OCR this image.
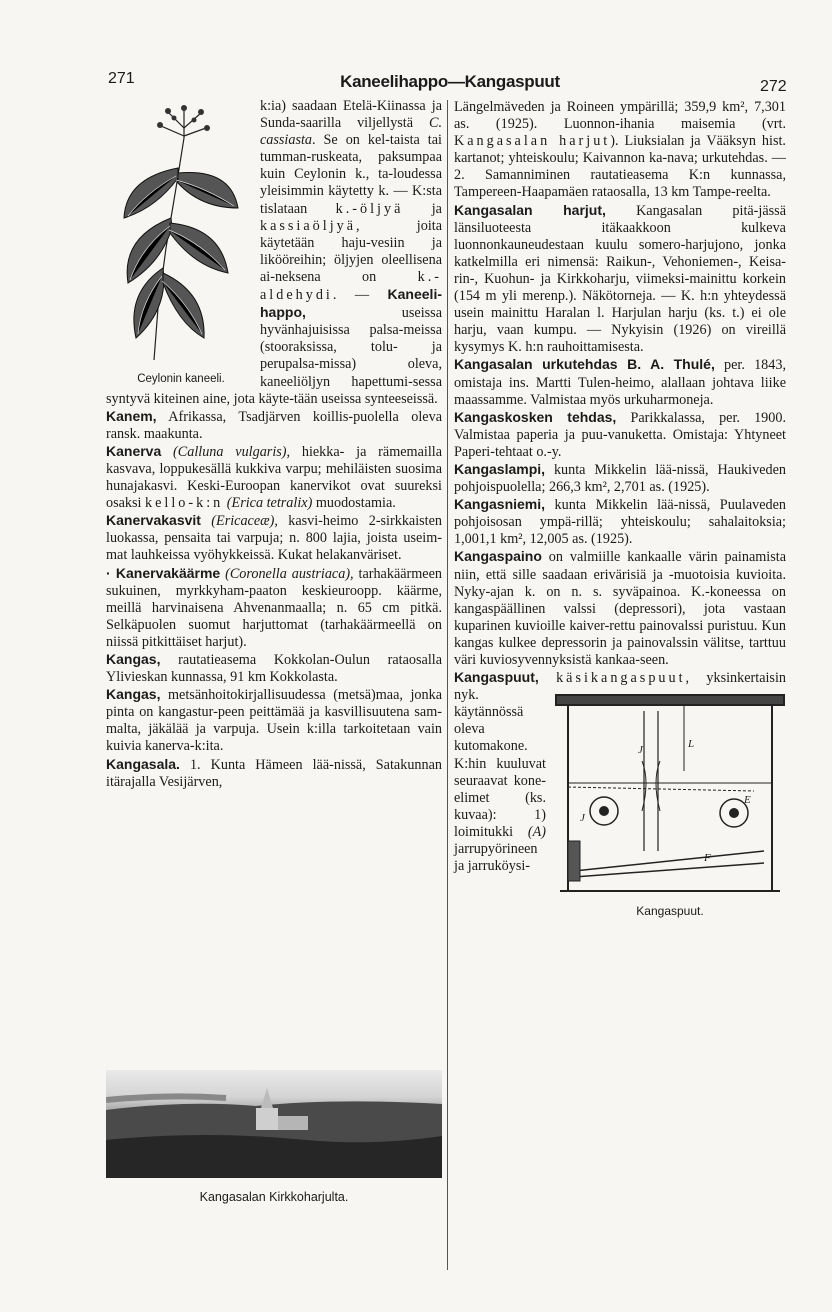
271	Kaneelihappo—Kangaspuut	272
Ceylonin kaneeli.

k:ia) saadaan Etelä-Kiinassa ja Sunda-saarilla viljellystä C. cassiasta. Se on kel-taista tai tumman-ruskeata, paksumpaa kuin Ceylonin k., ta-loudessa yleisimmin käytetty k. — K:sta tislataan k.-öljyä ja kassiaöljyä, joita käytetään haju-vesiin ja likööreihin; öljyjen oleellisena ai-neksena on k.-aldehydi. — Kaneeli-happo, useissa hyvänhajuisissa palsa-meissa (stooraksissa, tolu- ja perupalsa-missa) oleva, kaneeliöljyn hapettumi-sessa syntyvä kiteinen aine, jota käyte-tään useissa synteeseissä.

Kanem, Afrikassa, Tsadjärven koillis-puolella oleva ransk. maakunta.

Kanerva (Calluna vulgaris), hiekka- ja rämemailla kasvava, loppukesällä kukkiva varpu; mehiläisten suosima hunajakasvi. Keski-Euroopan kanervikot ovat suureksi osaksi kello-k:n (Erica tetralix) muodostamia.

Kanervakasvit (Ericaceæ), kasvi-heimo 2-sirkkaisten luokassa, pensaita tai varpuja; n. 800 lajia, joista useim-mat lauhkeissa vyöhykkeissä. Kukat helakanväriset.

· Kanervakäärme (Coronella austriaca), tarhakäärmeen sukuinen, myrkkyham-paaton keskieuroopp. käärme, meillä harvinaisena Ahvenanmaalla; n. 65 cm pitkä. Selkäpuolen suomut harjuttomat (tarhakäärmeellä on niissä pitkittäiset harjut).

Kangas, rautatieasema Kokkolan-Oulun rataosalla Ylivieskan kunnassa, 91 km Kokkolasta.

Kangas, metsänhoitokirjallisuudessa (metsä)maa, jonka pinta on kangastur-peen peittämää ja kasvillisuutena sam-malta, jäkälää ja varpuja. Usein k:illa tarkoitetaan vain kuivia kanerva-k:ita.

Kangasala. 1. Kunta Hämeen lää-nissä, Satakunnan itärajalla Vesijärven,

Kangasalan Kirkkoharjulta.

Längelmäveden ja Roineen ympärillä; 359,9 km², 7,301 as. (1925). Luonnon-ihania maisemia (vrt. Kangasalan harjut). Liuksialan ja Vääksyn hist. kartanot; yhteiskoulu; Kaivannon ka-nava; urkutehdas. — 2. Samanniminen rautatieasema K:n kunnassa, Tampereen-Haapamäen rataosalla, 13 km Tampe-reelta.

Kangasalan harjut, Kangasalan pitä-jässä länsiluoteesta itäkaakkoon kulkeva luonnonkauneudestaan kuulu somero-harjujono, jonka katkelmilla eri nimensä: Raikun-, Vehoniemen-, Keisa-rin-, Kuohun- ja Kirkkoharju, viimeksi-mainittu korkein (154 m yli merenp.). Näkötorneja. — K. h:n yhteydessä usein mainittu Haralan l. Harjulan harju (ks. t.) ei ole harju, vaan kumpu. — Nykyisin (1926) on vireillä kysymys K. h:n rauhoittamisesta.

Kangasalan urkutehdas B. A. Thulé, per. 1843, omistaja ins. Martti Tulen-heimo, alallaan johtava liike maassamme. Valmistaa myös urkuharmoneja.

Kangaskosken tehdas, Parikkalassa, per. 1900. Valmistaa paperia ja puu-vanuketta. Omistaja: Yhtyneet Paperi-tehtaat o.-y.

Kangaslampi, kunta Mikkelin lää-nissä, Haukiveden pohjoispuolella; 266,3 km², 2,701 as. (1925).

Kangasniemi, kunta Mikkelin lää-nissä, Puulaveden pohjoisosan ympä-rillä; yhteiskoulu; sahalaitoksia; 1,001,1 km², 12,005 as. (1925).

Kangaspaino on valmiille kankaalle värin painamista niin, että sille saadaan erivärisiä ja -muotoisia kuvioita. Nyky-ajan k. on n. s. syväpainoa. K.-koneessa on kangaspäällinen valssi (depressori), jota vastaan kuparinen kuvioille kaiver-rettu painovalssi puristuu. Kun kangas kulkee depressorin ja painovalssin välitse, tarttuu väri kuviosyvennyksistä kankaa-seen.

Kangaspuut, käsikangaspuut,
L
J
J
E
F
Kangaspuut.
yksinkertaisin nyk. käytännössä oleva kutomakone. K:hin kuuluvat seuraavat kone-elimet (ks. kuvaa): 1) loimitukki (A) jarrupyörineen ja jarruköysi-
